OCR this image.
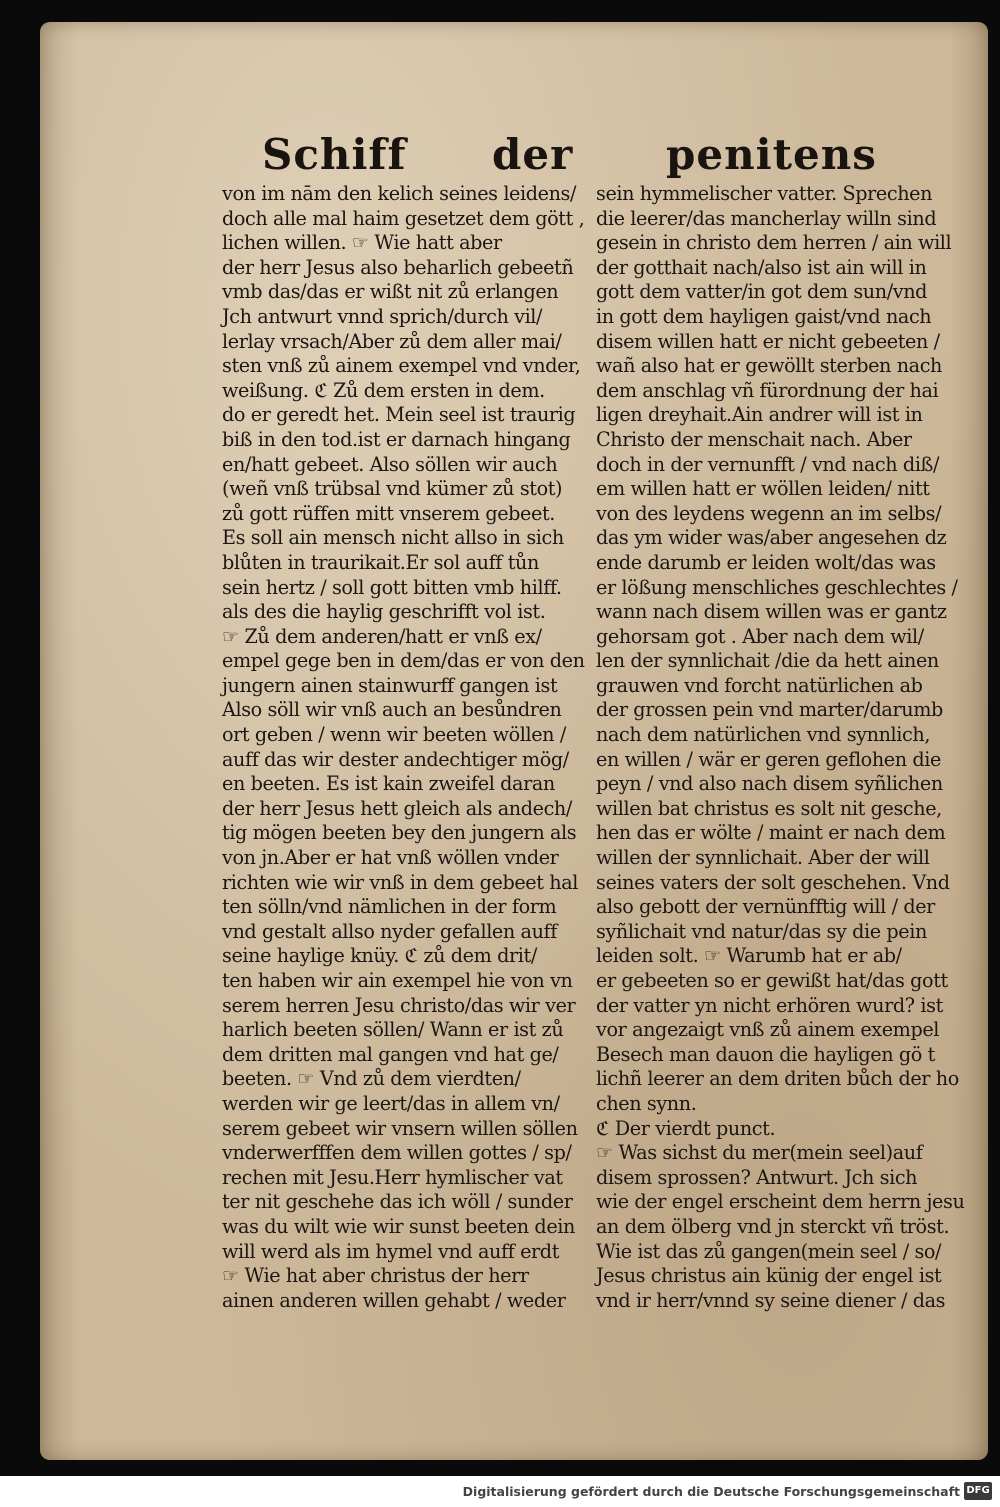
Schiff der penitens
von im nām den kelich seines leidens/
doch alle mal haim gesetzet dem gött ,
lichen willen. ☞ Wie hatt aber
der herr Jesus also beharlich gebeetñ
vmb das/das er wißt nit zů erlangen
Jch antwurt vnnd sprich/durch vil/
lerlay vrsach/Aber zů dem aller mai/
sten vnß zů ainem exempel vnd vnder,
weißung. ℭ Zů dem ersten in dem.
do er geredt het. Mein seel ist traurig
biß in den tod.ist er darnach hingang
en/hatt gebeet. Also söllen wir auch
(weñ vnß trübsal vnd kümer zů stot)
zů gott rüffen mitt vnserem gebeet.
Es soll ain mensch nicht allso in sich
blůten in traurikait.Er sol auff tůn
sein hertz / soll gott bitten vmb hilff.
als des die haylig geschrifft vol ist.
☞ Zů dem anderen/hatt er vnß ex/
empel gege ben in dem/das er von den
jungern ainen stainwurff gangen ist
Also söll wir vnß auch an besůndren
ort geben / wenn wir beeten wöllen /
auff das wir dester andechtiger mög/
en beeten. Es ist kain zweifel daran
der herr Jesus hett gleich als andech/
tig mögen beeten bey den jungern als
von jn.Aber er hat vnß wöllen vnder
richten wie wir vnß in dem gebeet hal
ten sölln/vnd nämlichen in der form
vnd gestalt allso nyder gefallen auff
seine haylige knüy. ℭ zů dem drit/
ten haben wir ain exempel hie von vn
serem herren Jesu christo/das wir ver
harlich beeten söllen/ Wann er ist zů
dem dritten mal gangen vnd hat ge/
beeten. ☞ Vnd zů dem vierdten/
werden wir ge leert/das in allem vn/
serem gebeet wir vnsern willen söllen
vnderwerfffen dem willen gottes / sp/
rechen mit Jesu.Herr hymlischer vat
ter nit geschehe das ich wöll / sunder
was du wilt wie wir sunst beeten dein
will werd als im hymel vnd auff erdt
☞ Wie hat aber christus der herr
ainen anderen willen gehabt / weder
sein hymmelischer vatter. Sprechen
die leerer/das mancherlay willn sind
gesein in christo dem herren / ain will
der gotthait nach/also ist ain will in
gott dem vatter/in got dem sun/vnd
in gott dem hayligen gaist/vnd nach
disem willen hatt er nicht gebeeten /
wañ also hat er gewöllt sterben nach
dem anschlag vñ fürordnung der hai
ligen dreyhait.Ain andrer will ist in
Christo der menschait nach. Aber
doch in der vernunfft / vnd nach diß/
em willen hatt er wöllen leiden/ nitt
von des leydens wegenn an im selbs/
das ym wider was/aber angesehen dz
ende darumb er leiden wolt/das was
er lößung menschliches geschlechtes /
wann nach disem willen was er gantz
gehorsam got . Aber nach dem wil/
len der synnlichait /die da hett ainen
grauwen vnd forcht natürlichen ab
der grossen pein vnd marter/darumb
nach dem natürlichen vnd synnlich,
en willen / wär er geren geflohen die
peyn / vnd also nach disem syñlichen
willen bat christus es solt nit gesche,
hen das er wölte / maint er nach dem
willen der synnlichait. Aber der will
seines vaters der solt geschehen. Vnd
also gebott der vernünfftig will / der
syñlichait vnd natur/das sy die pein
leiden solt. ☞ Warumb hat er ab/
er gebeeten so er gewißt hat/das gott
der vatter yn nicht erhören wurd? ist
vor angezaigt vnß zů ainem exempel
Besech man dauon die hayligen gö t
lichñ leerer an dem driten bůch der ho
chen synn.
ℭ Der vierdt punct.
☞ Was sichst du mer(mein seel)auf
disem sprossen? Antwurt. Jch sich
wie der engel erscheint dem herrn jesu
an dem ölberg vnd jn sterckt vñ tröst.
Wie ist das zů gangen(mein seel / so/
Jesus christus ain künig der engel ist
vnd ir herr/vnnd sy seine diener / das
Digitalisierung gefördert durch die Deutsche Forschungsgemeinschaft DFG
